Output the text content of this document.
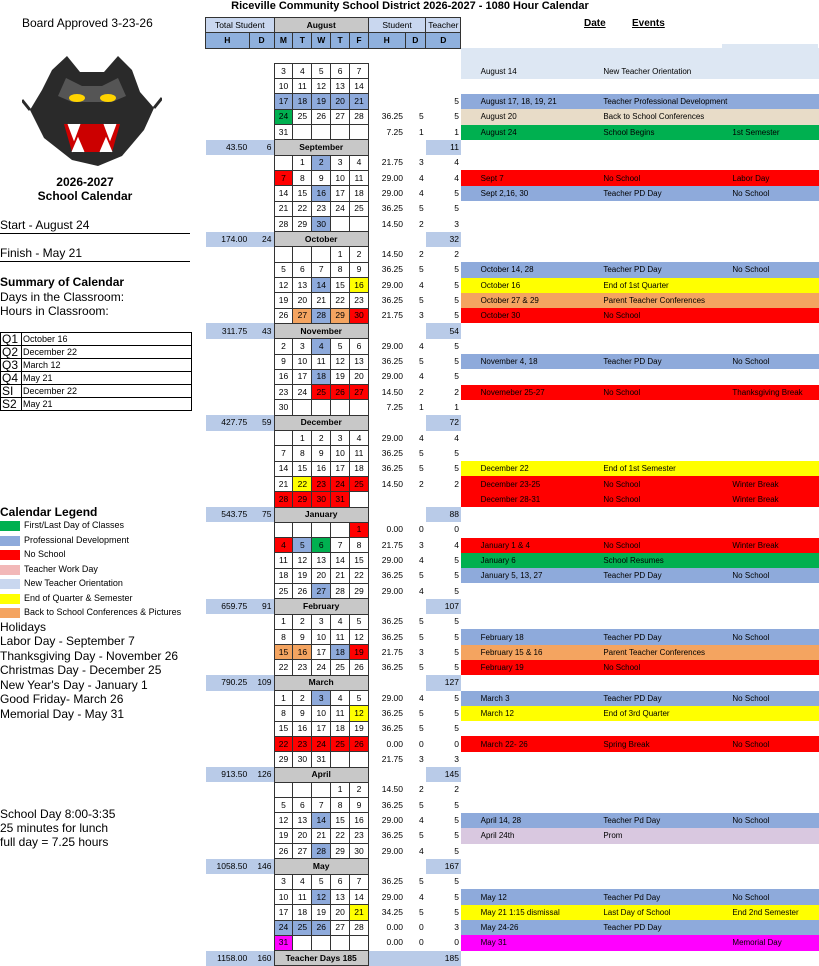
Riceville Community School District 2026-2027 - 1080 Hour Calendar
Board Approved 3-23-26
2026-2027
School Calendar
Start - August 24
Finish - May 21
Summary of Calendar
Days in the Classroom:
Hours in Classroom:
Q1	October 16
Q2	December 22
Q3	March 12
Q4	May 21
SI	December 22
S2	May 21
Calendar Legend
First/Last Day of Classes
Professional Development
No School
Teacher Work Day
New Teacher Orientation
End of Quarter & Semester
Back to School Conferences & Pictures
Holidays
Labor Day - September 7
Thanksgiving Day - November 26
Christmas Day - December 25
New Year's Day - January 1
Good Friday- March 26
Memorial Day - May 31
School Day 8:00-3:35
25 minutes for lunch
full day = 7.25 hours
Date	Events
Total Student		August					Student		Teacher					
H	D	M	T	W	T	F	H	D	D					

		3	4	5	6	7						August 14	New Teacher Orientation	
		10	11	12	13	14								
		17	18	19	20	21			5			August 17, 18, 19, 21	Teacher Professional Development	
		24	25	26	27	28	36.25	5	5			August 20	Back to School Conferences	
		31					7.25	1	1			August 24	School Begins	1st Semester
43.50	6	September							11					
			1	2	3	4	21.75	3	4					
		7	8	9	10	11	29.00	4	4			Sept 7	No School	Labor Day
		14	15	16	17	18	29.00	4	5			Sept 2,16, 30	Teacher PD Day	No School
		21	22	23	24	25	36.25	5	5					
		28	29	30			14.50	2	3					
174.00	24	October							32					
					1	2	14.50	2	2					
		5	6	7	8	9	36.25	5	5			October 14, 28	Teacher PD Day	No School
		12	13	14	15	16	29.00	4	5			October 16	End of 1st Quarter	
		19	20	21	22	23	36.25	5	5			October 27 & 29	Parent Teacher Conferences	
		26	27	28	29	30	21.75	3	5			October 30	No School	
311.75	43	November							54					
		2	3	4	5	6	29.00	4	5					
		9	10	11	12	13	36.25	5	5			November 4, 18	Teacher PD Day	No School
		16	17	18	19	20	29.00	4	5					
		23	24	25	26	27	14.50	2	2			Novemeber 25-27	No School	Thanksgiving Break
		30					7.25	1	1					
427.75	59	December							72					
			1	2	3	4	29.00	4	4					
		7	8	9	10	11	36.25	5	5					
		14	15	16	17	18	36.25	5	5			December 22	End of 1st Semester	
		21	22	23	24	25	14.50	2	2			December 23-25	No School	Winter Break
		28	29	30	31							December 28-31	No School	Winter Break
543.75	75	January							88					
						1	0.00	0	0					
		4	5	6	7	8	21.75	3	4			January 1 & 4	No School	Winter Break
		11	12	13	14	15	29.00	4	5			January 6	School Resumes	
		18	19	20	21	22	36.25	5	5			January 5, 13, 27	Teacher PD Day	No School
		25	26	27	28	29	29.00	4	5					
659.75	91	February							107					
		1	2	3	4	5	36.25	5	5					
		8	9	10	11	12	36.25	5	5			February 18	Teacher PD Day	No School
		15	16	17	18	19	21.75	3	5			February 15 & 16	Parent Teacher Conferences	
		22	23	24	25	26	36.25	5	5			February 19	No School	
790.25	109	March							127					
		1	2	3	4	5	29.00	4	5			March 3	Teacher PD Day	No School
		8	9	10	11	12	36.25	5	5			March 12	End of 3rd Quarter	
		15	16	17	18	19	36.25	5	5					
		22	23	24	25	26	0.00	0	0			March 22- 26	Spring Break	No School
		29	30	31			21.75	3	3					
913.50	126	April							145					
					1	2	14.50	2	2					
		5	6	7	8	9	36.25	5	5					
		12	13	14	15	16	29.00	4	5			April 14, 28	Teacher Pd Day	No School
		19	20	21	22	23	36.25	5	5			April 24th	Prom	
		26	27	28	29	30	29.00	4	5					
1058.50	146	May							167					
		3	4	5	6	7	36.25	5	5					
		10	11	12	13	14	29.00	4	5			May 12	Teacher Pd Day	No School
		17	18	19	20	21	34.25	5	5			May 21 1:15 dismissal	Last Day of School	End 2nd Semester
		24	25	26	27	28	0.00	0	3			May 24-26	Teacher PD Day	
		31					0.00	0	0			May 31		Memorial Day
1158.00	160	Teacher Days 185							185					
